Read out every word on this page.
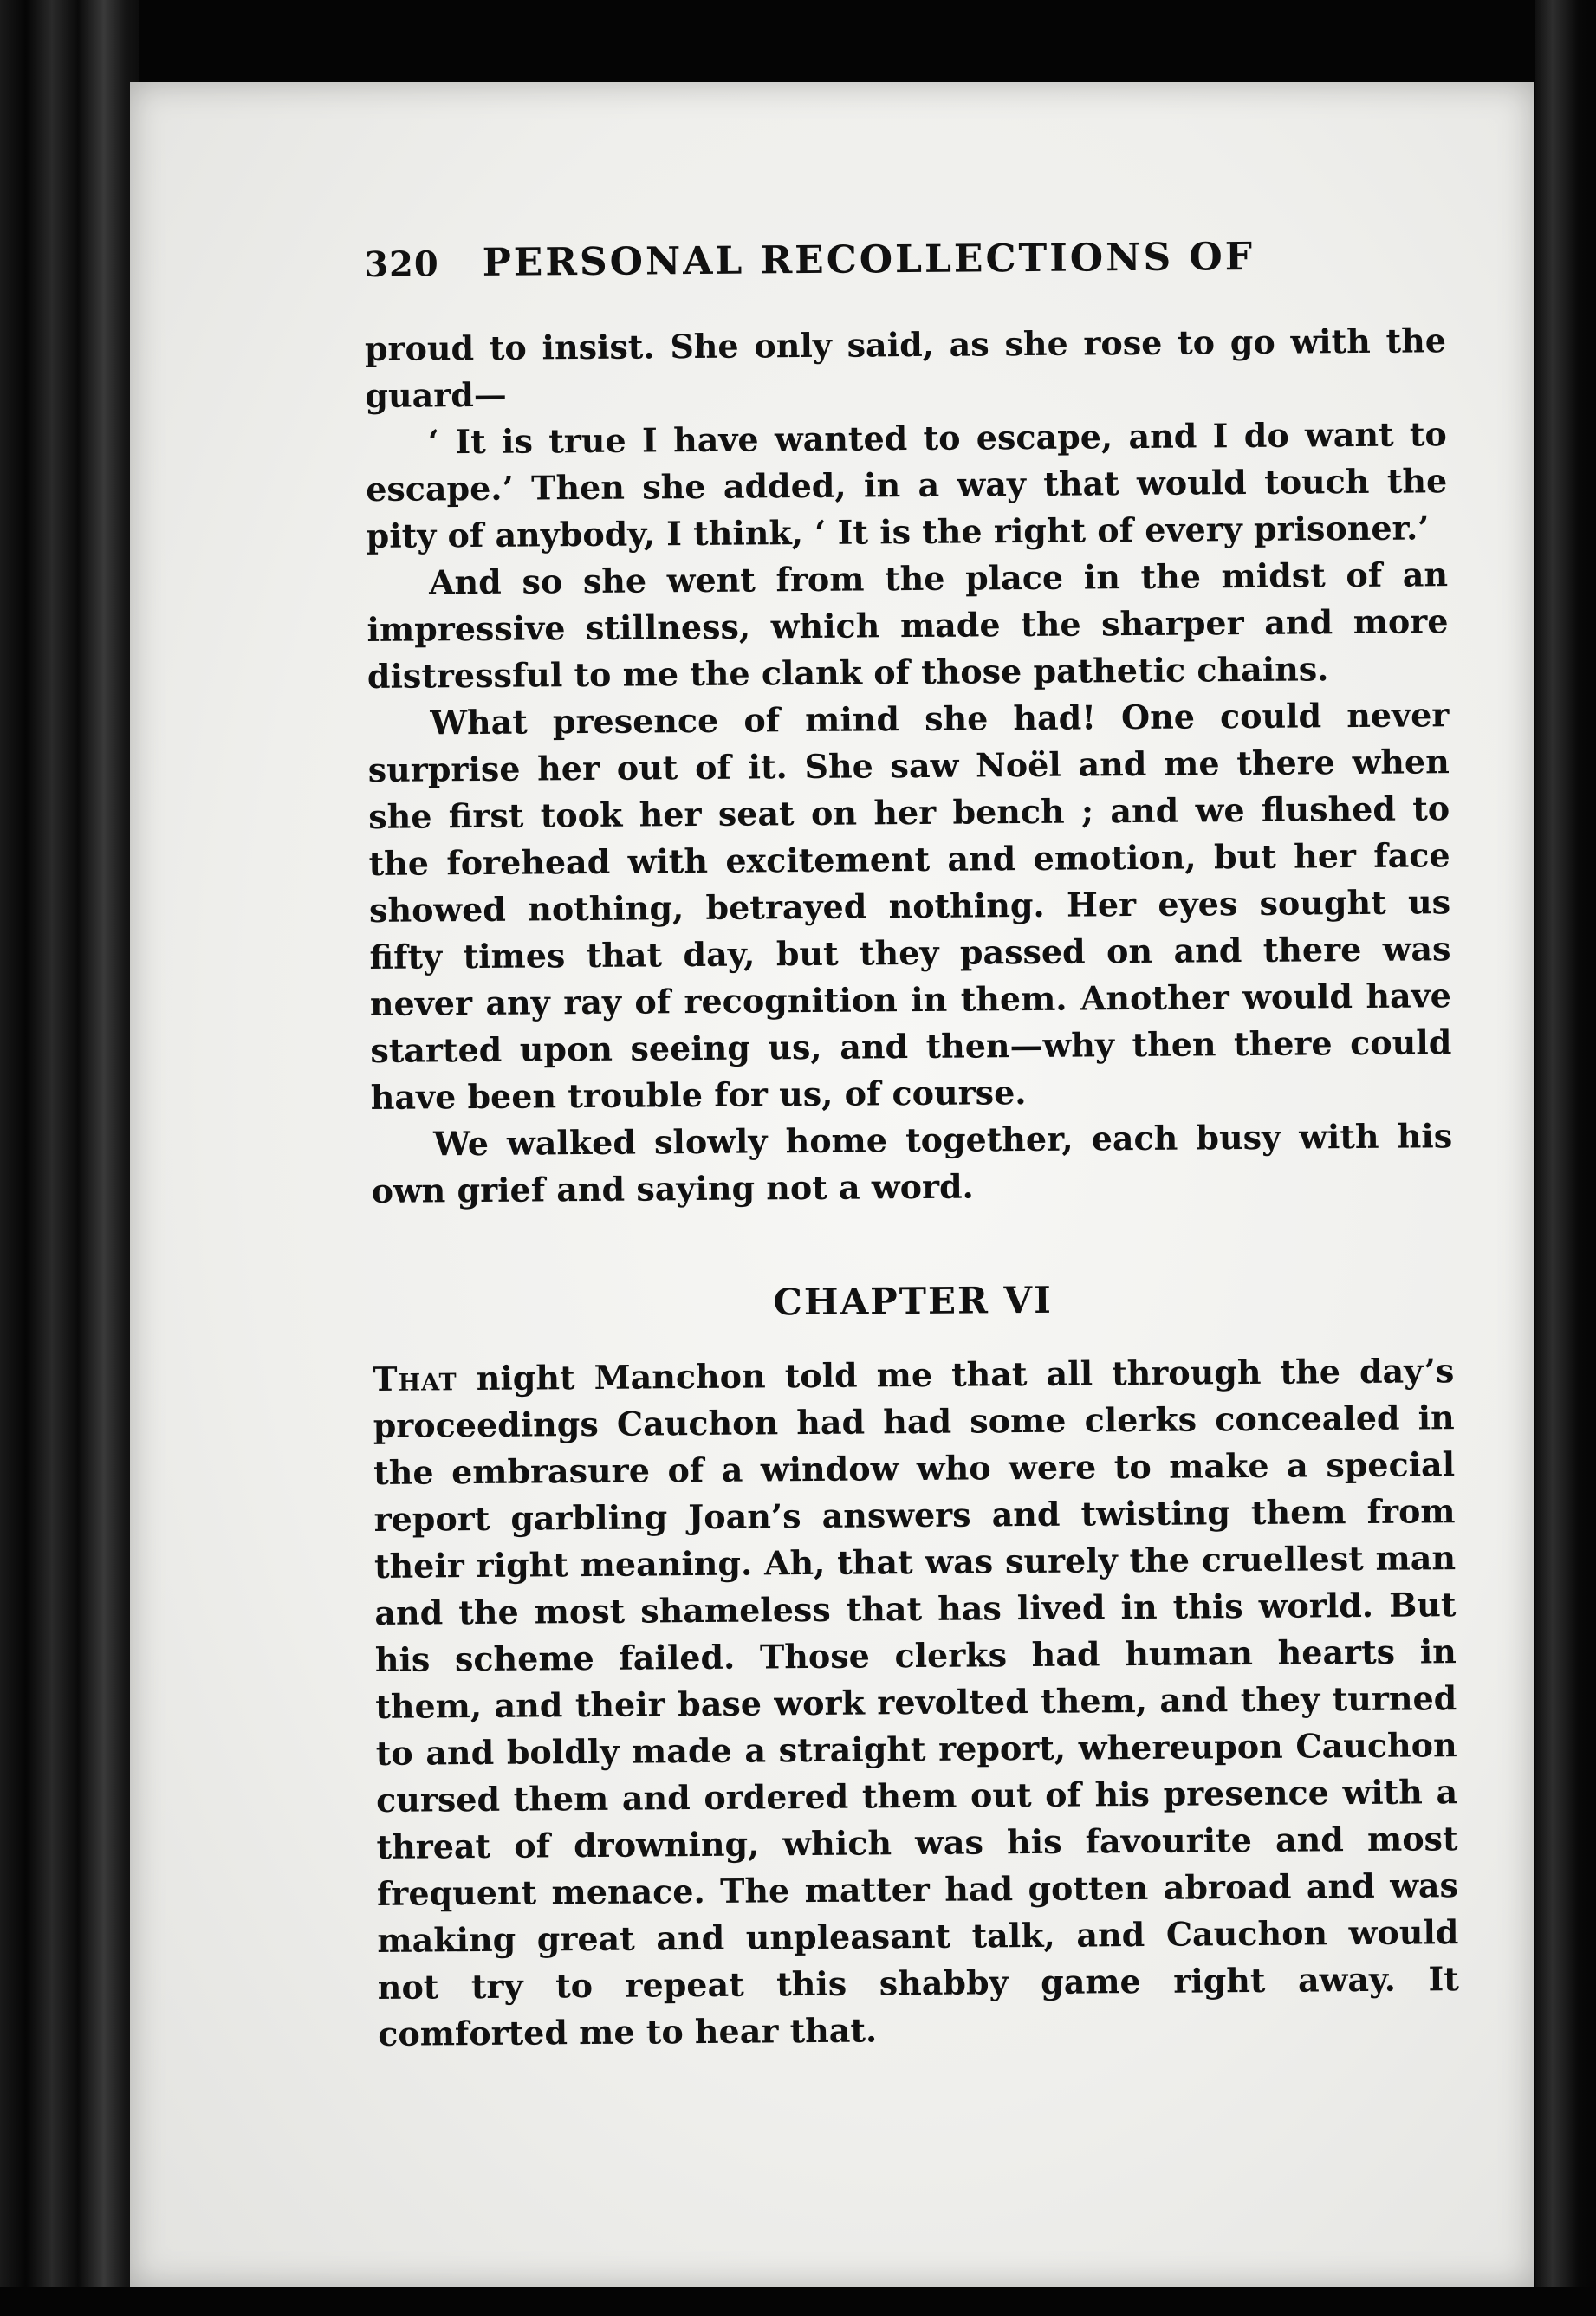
320 PERSONAL RECOLLECTIONS OF

proud to insist. She only said, as she rose to go with the guard—

‘ It is true I have wanted to escape, and I do want to escape.’ Then she added, in a way that would touch the pity of anybody, I think, ‘ It is the right of every prisoner.’

And so she went from the place in the midst of an impressive stillness, which made the sharper and more distressful to me the clank of those pathetic chains.

What presence of mind she had! One could never surprise her out of it. She saw Noël and me there when she first took her seat on her bench ; and we flushed to the forehead with excitement and emotion, but her face showed nothing, betrayed nothing. Her eyes sought us fifty times that day, but they passed on and there was never any ray of recognition in them. Another would have started upon seeing us, and then—why then there could have been trouble for us, of course.

We walked slowly home together, each busy with his own grief and saying not a word.

CHAPTER VI

That night Manchon told me that all through the day’s proceedings Cauchon had had some clerks concealed in the embrasure of a window who were to make a special report garbling Joan’s answers and twisting them from their right meaning. Ah, that was surely the cruellest man and the most shameless that has lived in this world. But his scheme failed. Those clerks had human hearts in them, and their base work revolted them, and they turned to and boldly made a straight report, whereupon Cauchon cursed them and ordered them out of his presence with a threat of drowning, which was his favourite and most frequent menace. The matter had gotten abroad and was making great and unpleasant talk, and Cauchon would not try to repeat this shabby game right away. It comforted me to hear that.
